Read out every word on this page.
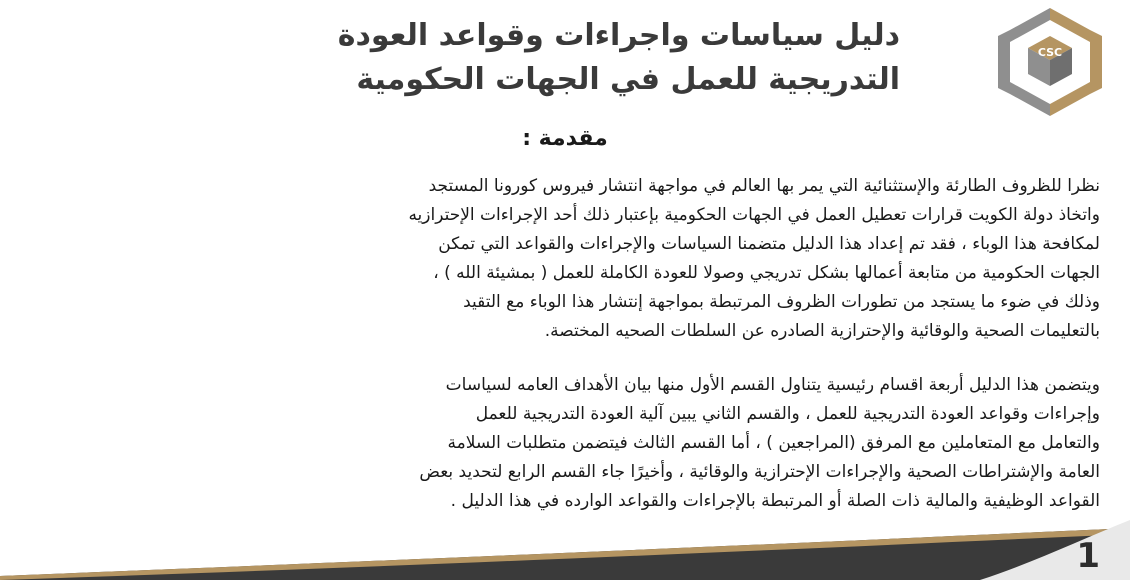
CSC
دليل سياسات واجراءات وقواعد العودة
التدريجية للعمل في الجهات الحكومية
مقدمة :
نظرا للظروف الطارئة والإستثنائية التي يمر بها العالم في مواجهة انتشار فيروس كورونا المستجد
واتخاذ دولة الكويت قرارات تعطيل العمل في الجهات الحكومية بإعتبار ذلك أحد الإجراءات الإحترازيه
لمكافحة هذا الوباء ، فقد تم إعداد هذا الدليل متضمنا السياسات والإجراءات والقواعد التي تمكن
الجهات الحكومية من متابعة أعمالها بشكل تدريجي وصولا للعودة الكاملة للعمل ( بمشيئة الله ) ،
وذلك في ضوء ما يستجد من تطورات الظروف المرتبطة بمواجهة إنتشار هذا الوباء مع التقيد
بالتعليمات الصحية والوقائية والإحترازية الصادره عن السلطات الصحيه المختصة.
ويتضمن هذا الدليل أربعة اقسام رئيسية يتناول القسم الأول منها بيان الأهداف العامه لسياسات
وإجراءات وقواعد العودة التدريجية للعمل ، والقسم الثاني يبين آلية العودة التدريجية للعمل
والتعامل مع المتعاملين مع المرفق (المراجعين ) ، أما القسم الثالث فيتضمن متطلبات السلامة
العامة والإشتراطات الصحية والإجراءات الإحترازية والوقائية ، وأخيرًا جاء القسم الرابع لتحديد بعض
القواعد الوظيفية والمالية ذات الصلة أو المرتبطة بالإجراءات والقواعد الوارده في هذا الدليل .
1
